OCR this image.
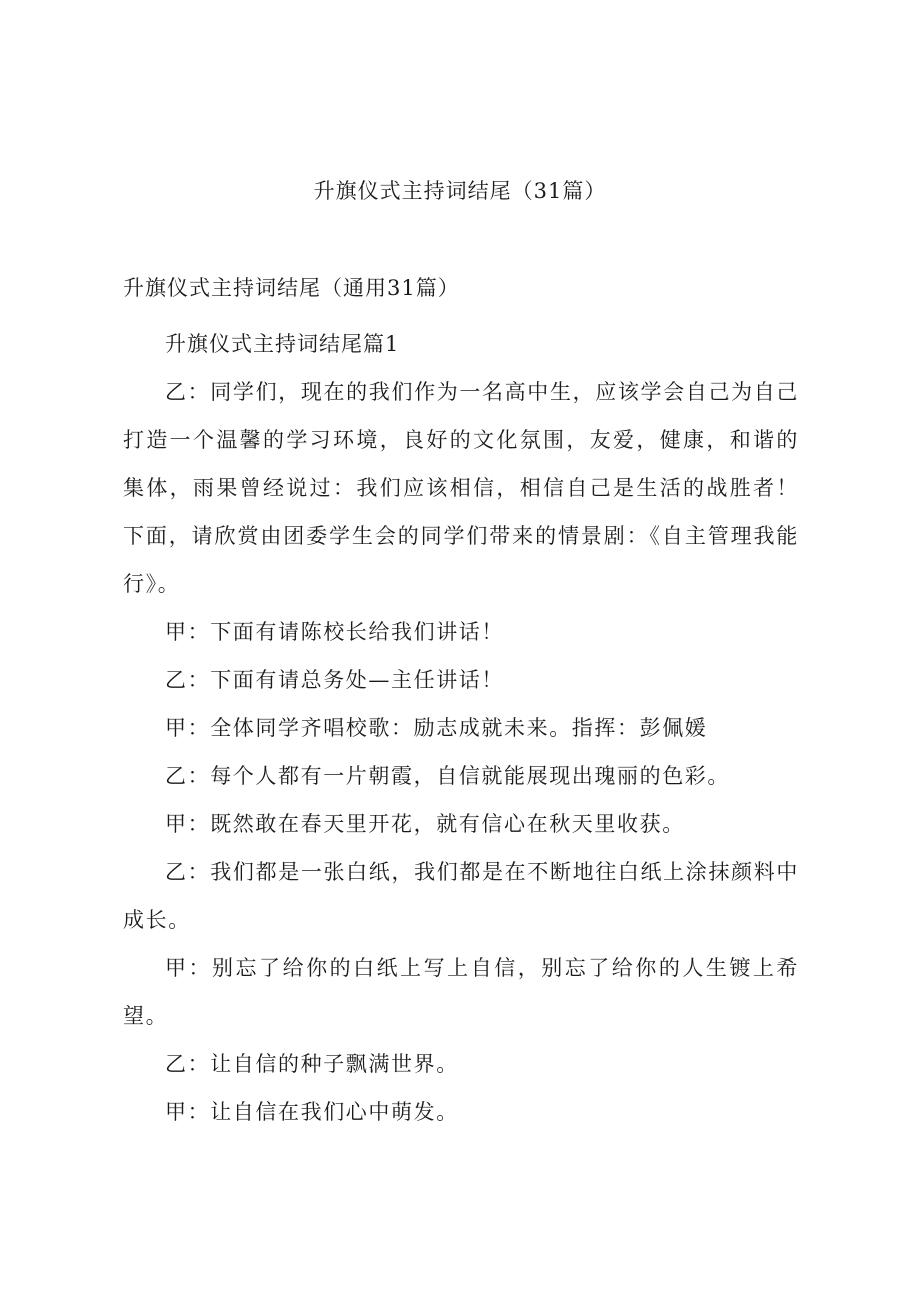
升旗仪式主持词结尾（31篇）
升旗仪式主持词结尾（通用31篇）

升旗仪式主持词结尾篇1

乙：同学们，现在的我们作为一名高中生，应该学会自己为自己打造一个温馨的学习环境，良好的文化氛围，友爱，健康，和谐的集体，雨果曾经说过：我们应该相信，相信自己是生活的战胜者！下面，请欣赏由团委学生会的同学们带来的情景剧：《自主管理我能行》。

甲：下面有请陈校长给我们讲话！

乙：下面有请总务处—主任讲话！

甲：全体同学齐唱校歌：励志成就未来。指挥：彭佩媛

乙：每个人都有一片朝霞，自信就能展现出瑰丽的色彩。

甲：既然敢在春天里开花，就有信心在秋天里收获。

乙：我们都是一张白纸，我们都是在不断地往白纸上涂抹颜料中成长。

甲：别忘了给你的白纸上写上自信，别忘了给你的人生镀上希望。

乙：让自信的种子飘满世界。

甲：让自信在我们心中萌发。
